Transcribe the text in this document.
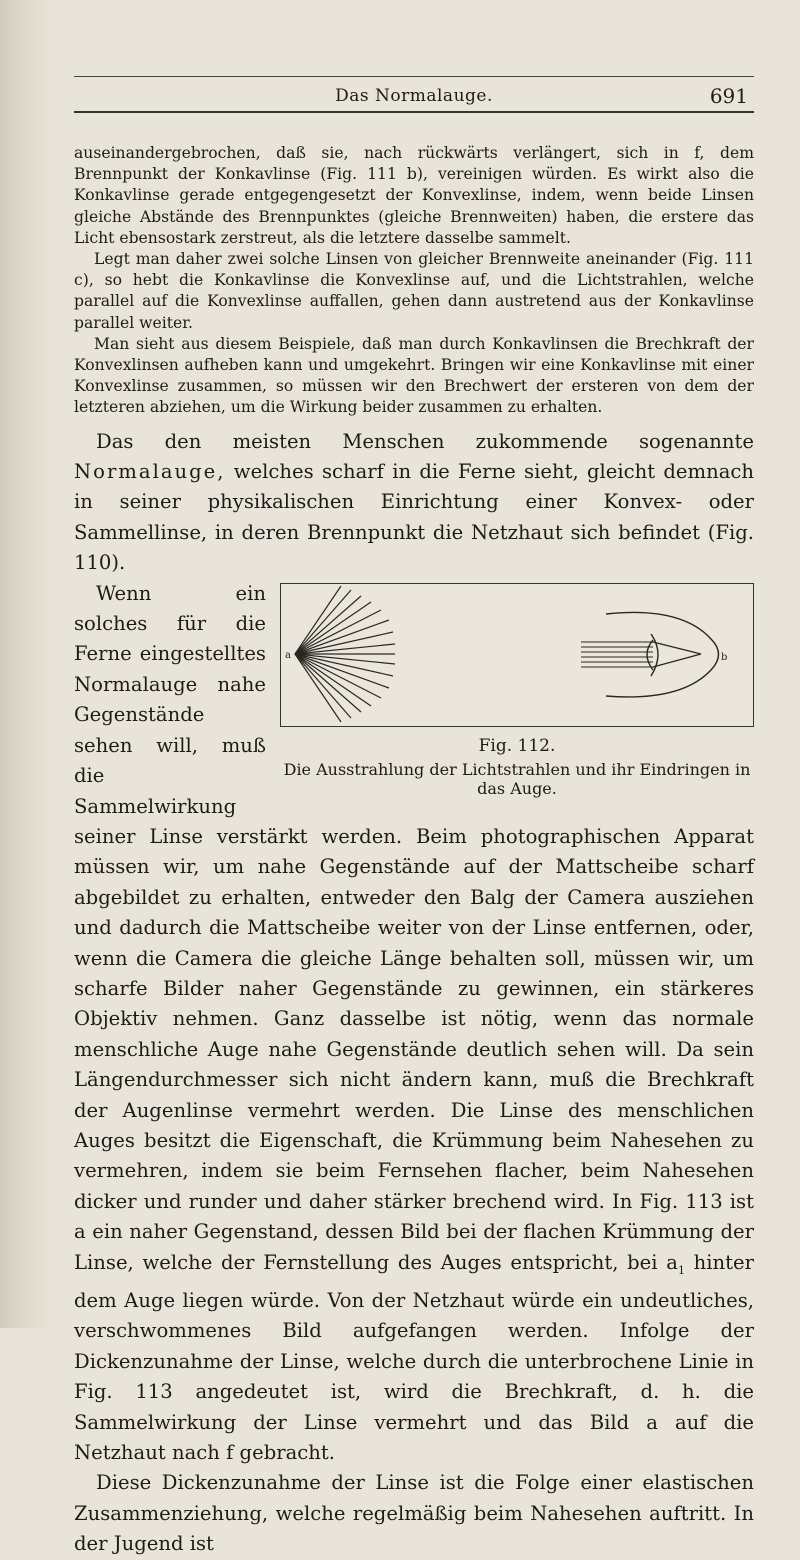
Das Normalauge.	691

auseinandergebrochen, daß sie, nach rückwärts verlängert, sich in f, dem Brennpunkt der Konkavlinse (Fig. 111 b), vereinigen würden. Es wirkt also die Konkavlinse gerade entgegengesetzt der Konvexlinse, indem, wenn beide Linsen gleiche Abstände des Brennpunktes (gleiche Brennweiten) haben, die erstere das Licht ebensostark zerstreut, als die letztere dasselbe sammelt.

Legt man daher zwei solche Linsen von gleicher Brennweite aneinander (Fig. 111 c), so hebt die Konkavlinse die Konvexlinse auf, und die Lichtstrahlen, welche parallel auf die Konvexlinse auffallen, gehen dann austretend aus der Konkavlinse parallel weiter.

Man sieht aus diesem Beispiele, daß man durch Konkavlinsen die Brechkraft der Konvexlinsen aufheben kann und umgekehrt. Bringen wir eine Konkavlinse mit einer Konvexlinse zusammen, so müssen wir den Brechwert der ersteren von dem der letzteren abziehen, um die Wirkung beider zusammen zu erhalten.

Das den meisten Menschen zukommende sogenannte Normalauge, welches scharf in die Ferne sieht, gleicht demnach in seiner physikalischen Einrichtung einer Konvex- oder Sammellinse, in deren Brennpunkt die Netzhaut sich befindet (Fig. 110).

a	b
Fig. 112.
Die Ausstrahlung der Lichtstrahlen und ihr Eindringen in das Auge.

Wenn ein solches für die Ferne eingestelltes Normalauge nahe Gegenstände sehen will, muß die Sammelwirkung seiner Linse verstärkt werden. Beim photographischen Apparat müssen wir, um nahe Gegenstände auf der Mattscheibe scharf abgebildet zu erhalten, entweder den Balg der Camera ausziehen und dadurch die Mattscheibe weiter von der Linse entfernen, oder, wenn die Camera die gleiche Länge behalten soll, müssen wir, um scharfe Bilder naher Gegenstände zu gewinnen, ein stärkeres Objektiv nehmen. Ganz dasselbe ist nötig, wenn das normale menschliche Auge nahe Gegenstände deutlich sehen will. Da sein Längendurchmesser sich nicht ändern kann, muß die Brechkraft der Augenlinse vermehrt werden. Die Linse des menschlichen Auges besitzt die Eigenschaft, die Krümmung beim Nahesehen zu vermehren, indem sie beim Fernsehen flacher, beim Nahesehen dicker und runder und daher stärker brechend wird. In Fig. 113 ist a ein naher Gegenstand, dessen Bild bei der flachen Krümmung der Linse, welche der Fernstellung des Auges entspricht, bei $a_1$ hinter dem Auge liegen würde. Von der Netzhaut würde ein undeutliches, verschwommenes Bild aufgefangen werden. Infolge der Dickenzunahme der Linse, welche durch die unterbrochene Linie in Fig. 113 angedeutet ist, wird die Brechkraft, d. h. die Sammelwirkung der Linse vermehrt und das Bild a auf die Netzhaut nach f gebracht.

Diese Dickenzunahme der Linse ist die Folge einer elastischen Zusammenziehung, welche regelmäßig beim Nahesehen auftritt. In der Jugend ist
